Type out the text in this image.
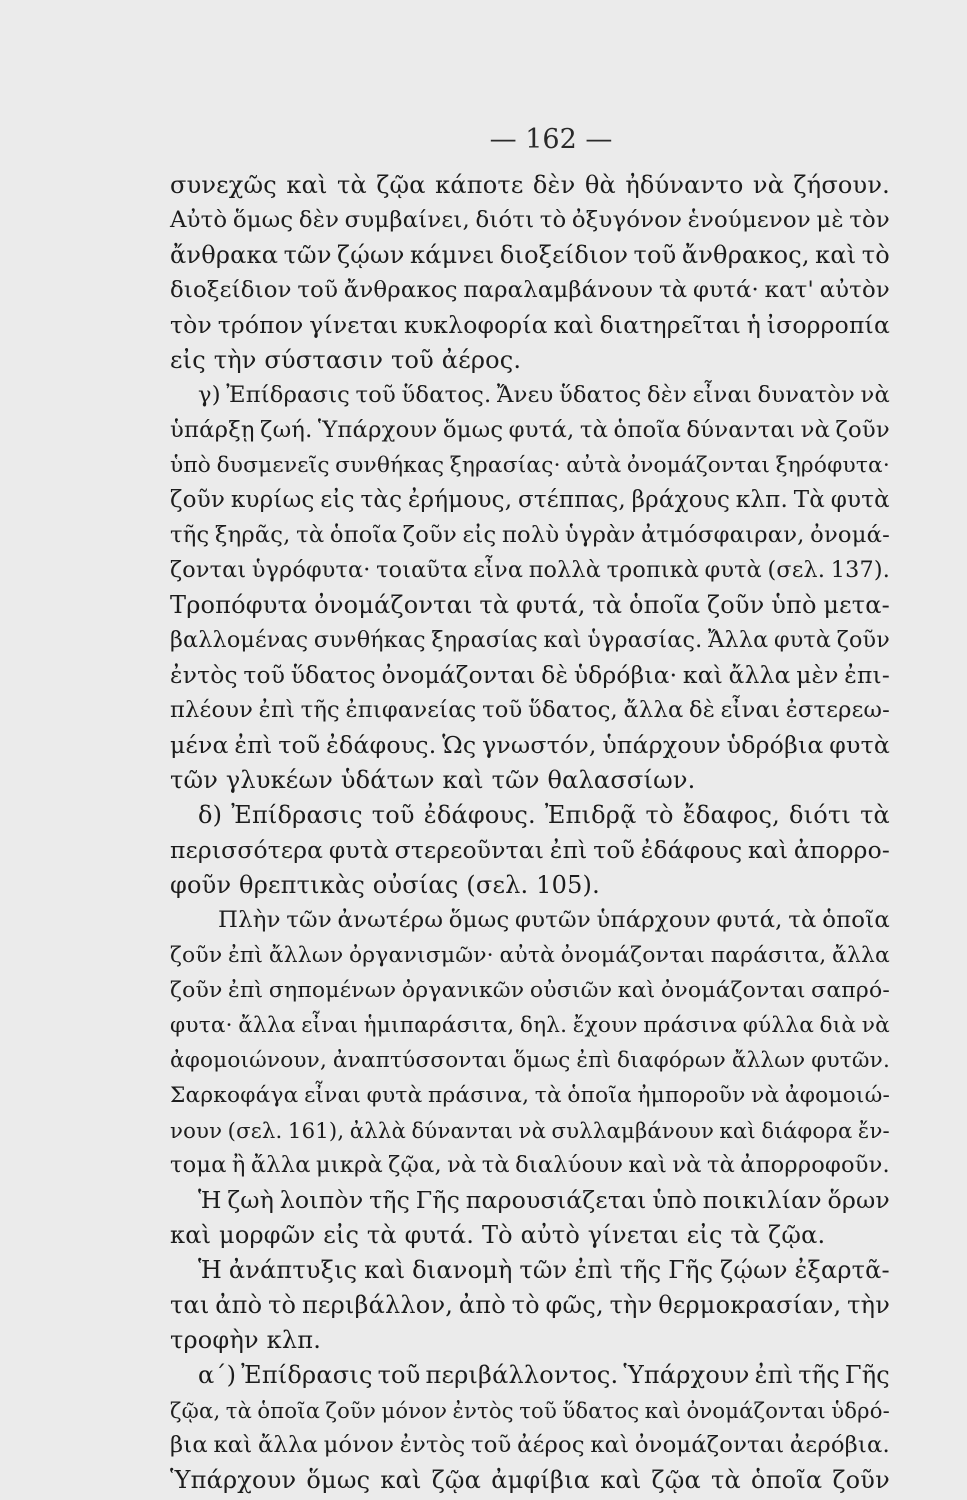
— 162 —
συνεχῶς καὶ τὰ ζῷα κάποτε δὲν θὰ ἠδύναντο νὰ ζήσουν.
Αὐτὸ ὅμως δὲν συμβαίνει, διότι τὸ ὀξυγόνον ἑνούμενον μὲ τὸν
ἄνθρακα τῶν ζῴων κάμνει διοξείδιον τοῦ ἄνθρακος, καὶ τὸ
διοξείδιον τοῦ ἄνθρακος παραλαμβάνουν τὰ φυτά· κατ' αὐτὸν
τὸν τρόπον γίνεται κυκλοφορία καὶ διατηρεῖται ἡ ἰσορροπία
εἰς τὴν σύστασιν τοῦ ἀέρος.
γ) Ἐπίδρασις τοῦ ὕδατος. Ἄνευ ὕδατος δὲν εἶναι δυνατὸν νὰ
ὑπάρξῃ ζωή. Ὑπάρχουν ὅμως φυτά, τὰ ὁποῖα δύνανται νὰ ζοῦν
ὑπὸ δυσμενεῖς συνθήκας ξηρασίας· αὐτὰ ὀνομάζονται ξηρόφυτα·
ζοῦν κυρίως εἰς τὰς ἐρήμους, στέππας, βράχους κλπ. Τὰ φυτὰ
τῆς ξηρᾶς, τὰ ὁποῖα ζοῦν εἰς πολὺ ὑγρὰν ἀτμόσφαιραν, ὀνομά-
ζονται ὑγρόφυτα· τοιαῦτα εἶνα πολλὰ τροπικὰ φυτὰ (σελ. 137).
Τροπόφυτα ὀνομάζονται τὰ φυτά, τὰ ὁποῖα ζοῦν ὑπὸ μετα-
βαλλομένας συνθήκας ξηρασίας καὶ ὑγρασίας. Ἄλλα φυτὰ ζοῦν
ἐντὸς τοῦ ὕδατος ὀνομάζονται δὲ ὑδρόβια· καὶ ἄλλα μὲν ἐπι-
πλέουν ἐπὶ τῆς ἐπιφανείας τοῦ ὕδατος, ἄλλα δὲ εἶναι ἐστερεω-
μένα ἐπὶ τοῦ ἐδάφους. Ὡς γνωστόν, ὑπάρχουν ὑδρόβια φυτὰ
τῶν γλυκέων ὑδάτων καὶ τῶν θαλασσίων.
δ) Ἐπίδρασις τοῦ ἐδάφους. Ἐπιδρᾷ τὸ ἔδαφος, διότι τὰ
περισσότερα φυτὰ στερεοῦνται ἐπὶ τοῦ ἐδάφους καὶ ἀπορρο-
φοῦν θρεπτικὰς οὐσίας (σελ. 105).
Πλὴν τῶν ἀνωτέρω ὅμως φυτῶν ὑπάρχουν φυτά, τὰ ὁποῖα
ζοῦν ἐπὶ ἄλλων ὀργανισμῶν· αὐτὰ ὀνομάζονται παράσιτα, ἄλλα
ζοῦν ἐπὶ σηπομένων ὀργανικῶν οὐσιῶν καὶ ὀνομάζονται σαπρό-
φυτα· ἄλλα εἶναι ἡμιπαράσιτα, δηλ. ἔχουν πράσινα φύλλα διὰ νὰ
ἀφομοιώνουν, ἀναπτύσσονται ὅμως ἐπὶ διαφόρων ἄλλων φυτῶν.
Σαρκοφάγα εἶναι φυτὰ πράσινα, τὰ ὁποῖα ἠμποροῦν νὰ ἀφομοιώ-
νουν (σελ. 161), ἀλλὰ δύνανται νὰ συλλαμβάνουν καὶ διάφορα ἔν-
τομα ἢ ἄλλα μικρὰ ζῷα, νὰ τὰ διαλύουν καὶ νὰ τὰ ἀπορροφοῦν.
Ἡ ζωὴ λοιπὸν τῆς Γῆς παρουσιάζεται ὑπὸ ποικιλίαν ὅρων
καὶ μορφῶν εἰς τὰ φυτά. Τὸ αὐτὸ γίνεται εἰς τὰ ζῷα.
Ἡ ἀνάπτυξις καὶ διανομὴ τῶν ἐπὶ τῆς Γῆς ζῴων ἐξαρτᾶ-
ται ἀπὸ τὸ περιβάλλον, ἀπὸ τὸ φῶς, τὴν θερμοκρασίαν, τὴν
τροφὴν κλπ.
α΄) Ἐπίδρασις τοῦ περιβάλλοντος. Ὑπάρχουν ἐπὶ τῆς Γῆς
ζῷα, τὰ ὁποῖα ζοῦν μόνον ἐντὸς τοῦ ὕδατος καὶ ὀνομάζονται ὑδρό-
βια καὶ ἄλλα μόνον ἐντὸς τοῦ ἀέρος καὶ ὀνομάζονται ἀερόβια.
Ὑπάρχουν ὅμως καὶ ζῷα ἀμφίβια καὶ ζῷα τὰ ὁποῖα ζοῦν
